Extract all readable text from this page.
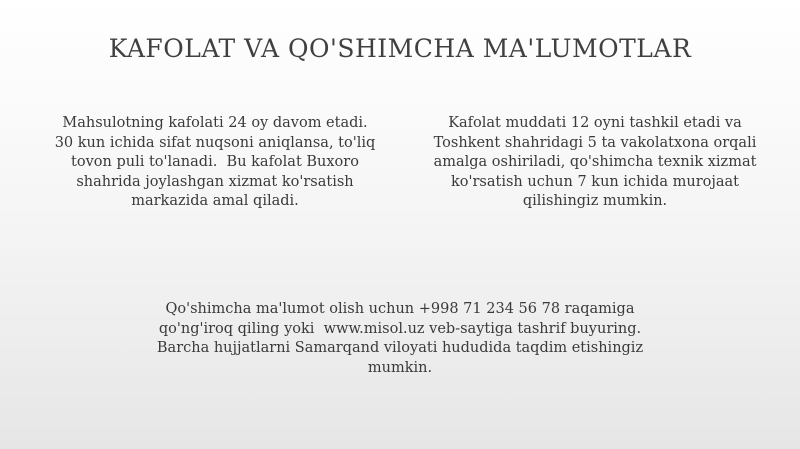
KAFOLAT VA QO'SHIMCHA MA'LUMOTLAR
Mahsulotning kafolati 24 oy davom etadi.
30 kun ichida sifat nuqsoni aniqlansa, to'liq
tovon puli to'lanadi.  Bu kafolat Buxoro
shahrida joylashgan xizmat ko'rsatish
markazida amal qiladi.
Kafolat muddati 12 oyni tashkil etadi va
Toshkent shahridagi 5 ta vakolatxona orqali
amalga oshiriladi, qo'shimcha texnik xizmat
ko'rsatish uchun 7 kun ichida murojaat
qilishingiz mumkin.
Qo'shimcha ma'lumot olish uchun +998 71 234 56 78 raqamiga
qo'ng'iroq qiling yoki  www.misol.uz veb-saytiga tashrif buyuring.
Barcha hujjatlarni Samarqand viloyati hududida taqdim etishingiz
mumkin.
